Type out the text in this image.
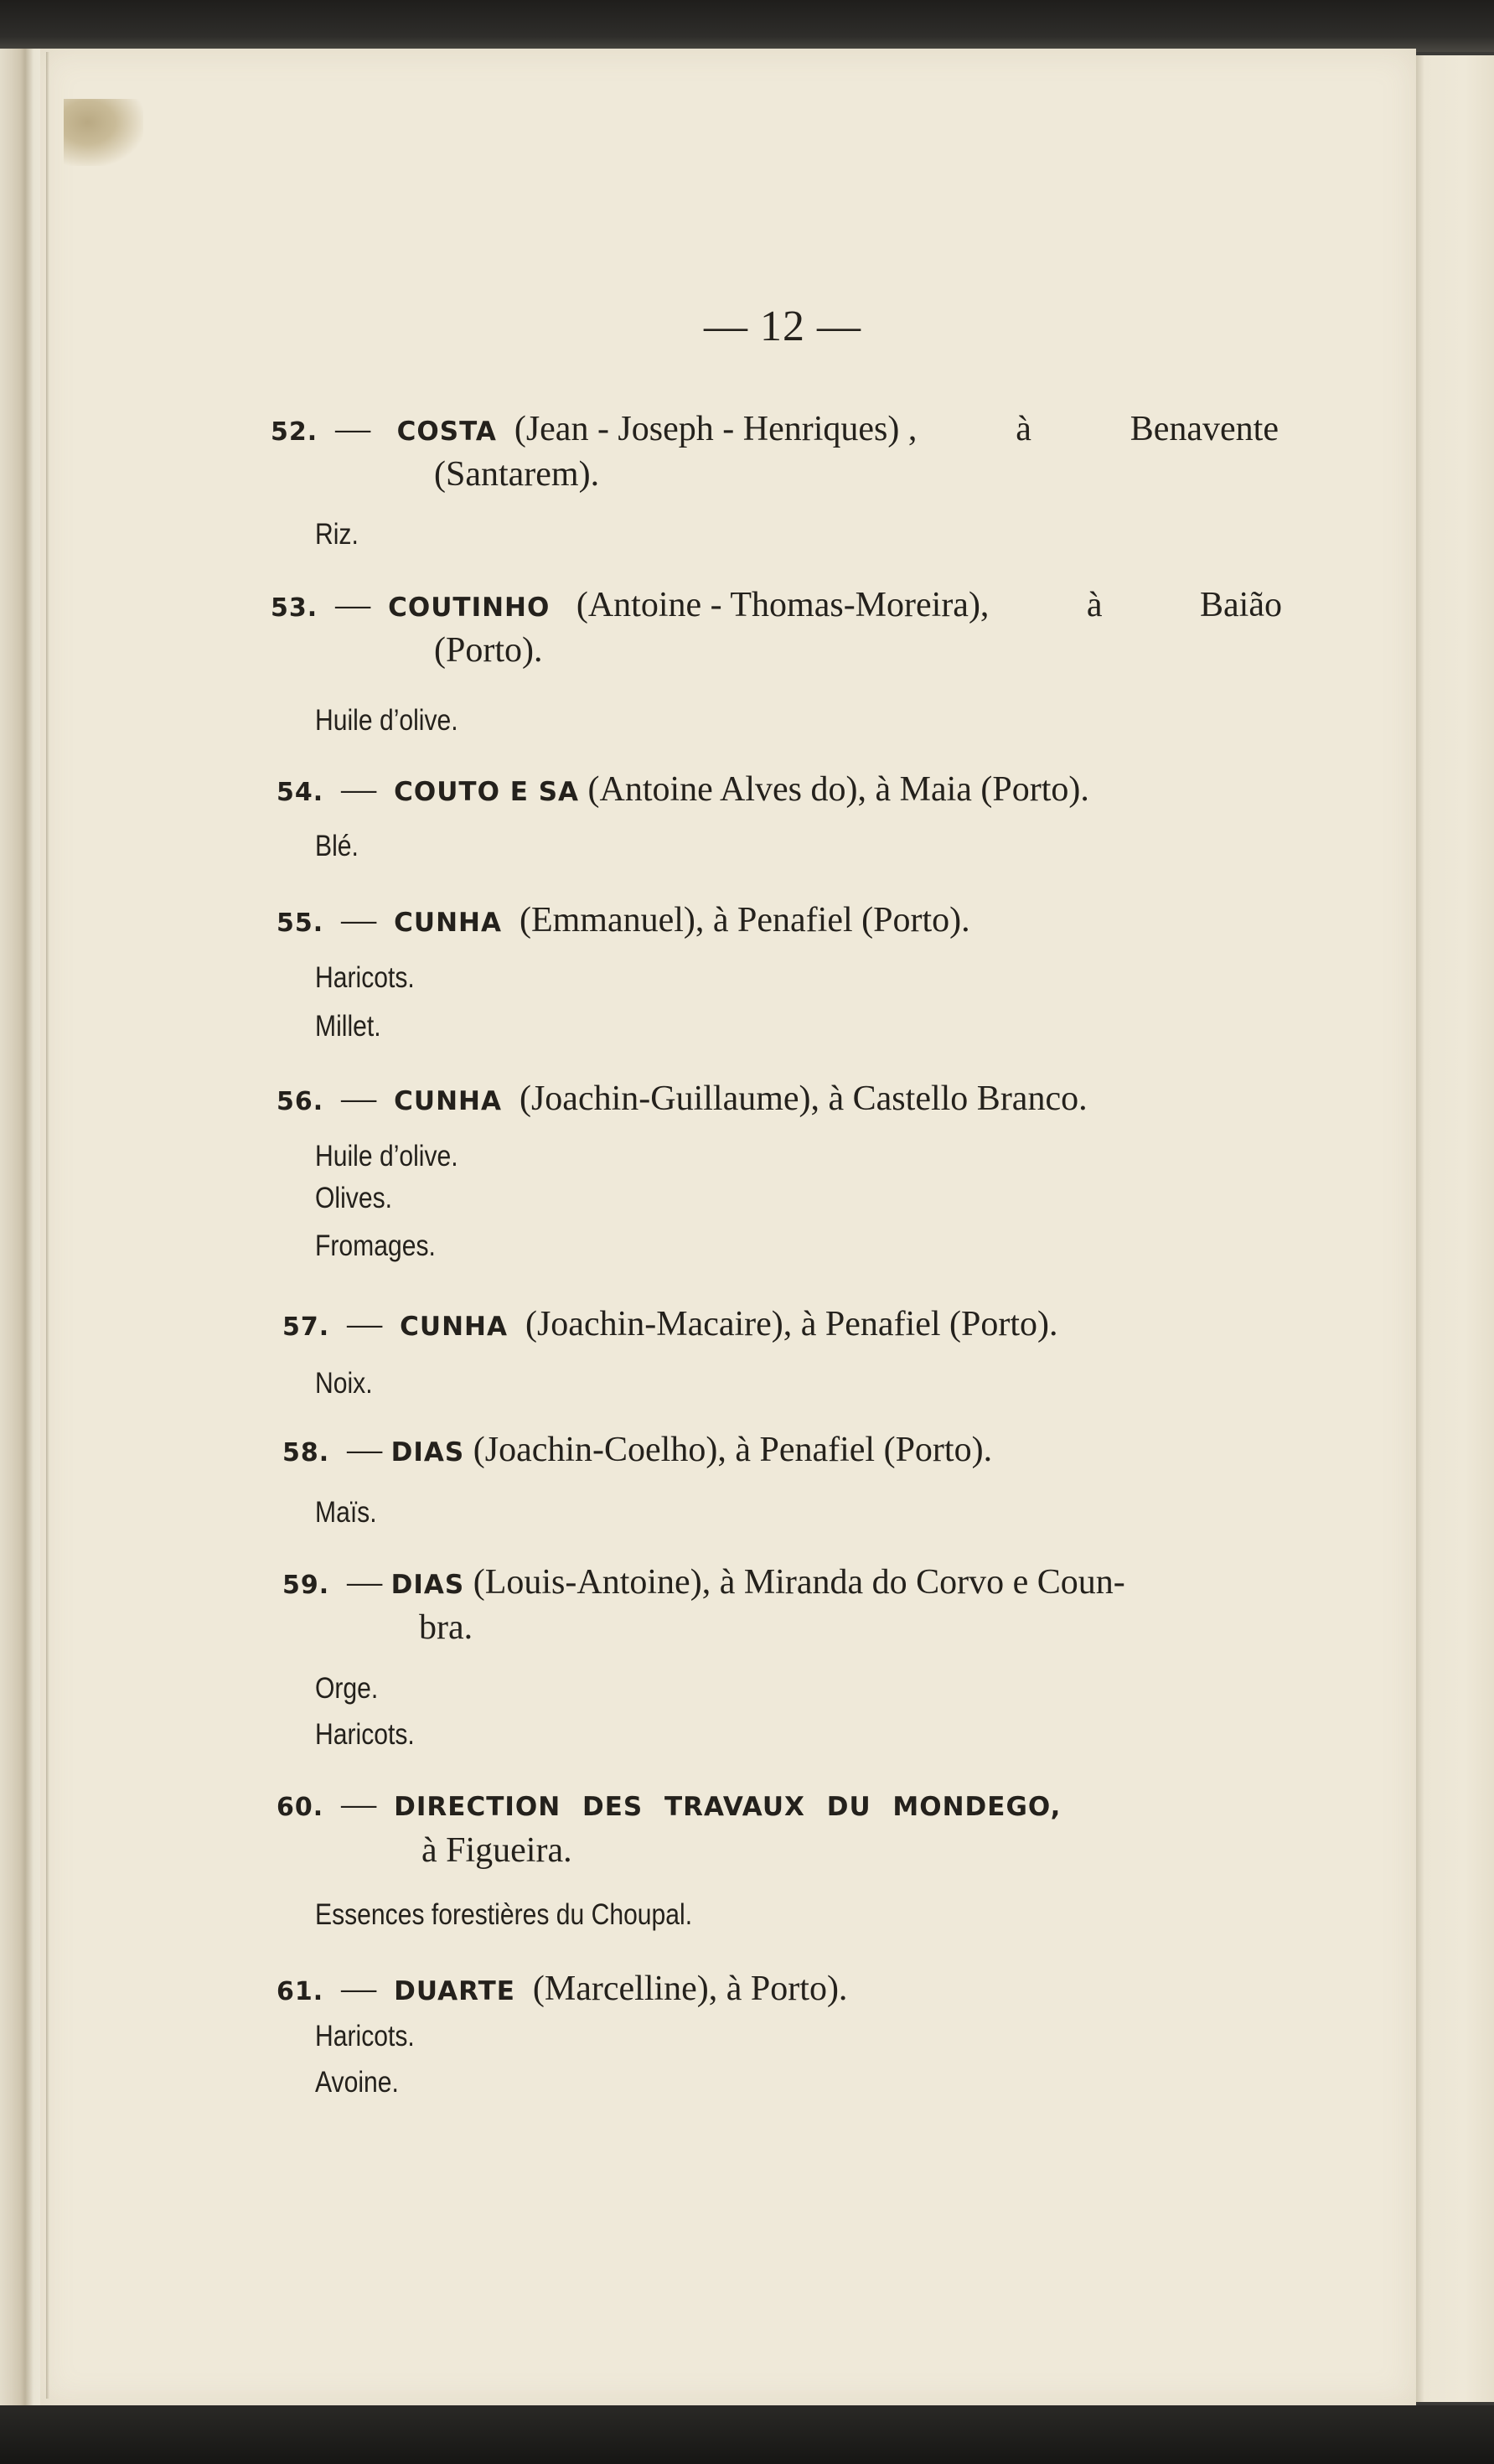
— 12 —
52. — COSTA (Jean - Joseph - Henriques) ,	à	Benavente
(Santarem).
Riz.
53. — COUTINHO (Antoine - Thomas-Moreira),	à	Baião
(Porto).
Huile d’olive.
54. — COUTO E SA (Antoine Alves do), à Maia (Porto).
Blé.
55. — CUNHA (Emmanuel), à Penafiel (Porto).
Haricots.
Millet.
56. — CUNHA (Joachin-Guillaume), à Castello Branco.
Huile d’olive.
Olives.
Fromages.
57. — CUNHA (Joachin-Macaire), à Penafiel (Porto).
Noix.
58. — DIAS (Joachin-Coelho), à Penafiel (Porto).
Maïs.
59. — DIAS (Louis-Antoine), à Miranda do Corvo e Coun-
bra.
Orge.
Haricots.
60. — DIRECTION DES TRAVAUX DU MONDEGO,
à Figueira.
Essences forestières du Choupal.
61. — DUARTE (Marcelline), à Porto).
Haricots.
Avoine.
